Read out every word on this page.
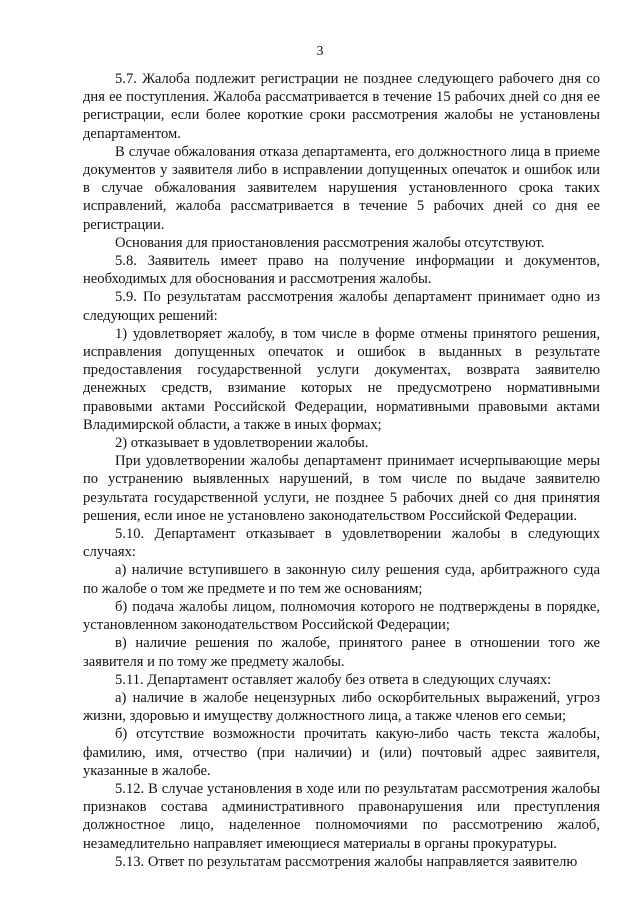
3

5.7. Жалоба подлежит регистрации не позднее следующего рабочего дня со дня ее поступления. Жалоба рассматривается в течение 15 рабочих дней со дня ее регистрации, если более короткие сроки рассмотрения жалобы не установлены департаментом.

В случае обжалования отказа департамента, его должностного лица в приеме документов у заявителя либо в исправлении допущенных опечаток и ошибок или в случае обжалования заявителем нарушения установленного срока таких исправлений, жалоба рассматривается в течение 5 рабочих дней со дня ее регистрации.

Основания для приостановления рассмотрения жалобы отсутствуют.

5.8. Заявитель имеет право на получение информации и документов, необходимых для обоснования и рассмотрения жалобы.

5.9. По результатам рассмотрения жалобы департамент принимает одно из следующих решений:

1) удовлетворяет жалобу, в том числе в форме отмены принятого решения, исправления допущенных опечаток и ошибок в выданных в результате предоставления государственной услуги документах, возврата заявителю денежных средств, взимание которых не предусмотрено нормативными правовыми актами Российской Федерации, нормативными правовыми актами Владимирской области, а также в иных формах;

2) отказывает в удовлетворении жалобы.

При удовлетворении жалобы департамент принимает исчерпывающие меры по устранению выявленных нарушений, в том числе по выдаче заявителю результата государственной услуги, не позднее 5 рабочих дней со дня принятия решения, если иное не установлено законодательством Российской Федерации.

5.10. Департамент отказывает в удовлетворении жалобы в следующих случаях:

а) наличие вступившего в законную силу решения суда, арбитражного суда по жалобе о том же предмете и по тем же основаниям;

б) подача жалобы лицом, полномочия которого не подтверждены в порядке, установленном законодательством Российской Федерации;

в) наличие решения по жалобе, принятого ранее в отношении того же заявителя и по тому же предмету жалобы.

5.11. Департамент оставляет жалобу без ответа в следующих случаях:

а) наличие в жалобе нецензурных либо оскорбительных выражений, угроз жизни, здоровью и имуществу должностного лица, а также членов его семьи;

б) отсутствие возможности прочитать какую-либо часть текста жалобы, фамилию, имя, отчество (при наличии) и (или) почтовый адрес заявителя, указанные в жалобе.

5.12. В случае установления в ходе или по результатам рассмотрения жалобы признаков состава административного правонарушения или преступления должностное лицо, наделенное полномочиями по рассмотрению жалоб, незамедлительно направляет имеющиеся материалы в органы прокуратуры.

5.13. Ответ по результатам рассмотрения жалобы направляется заявителю
